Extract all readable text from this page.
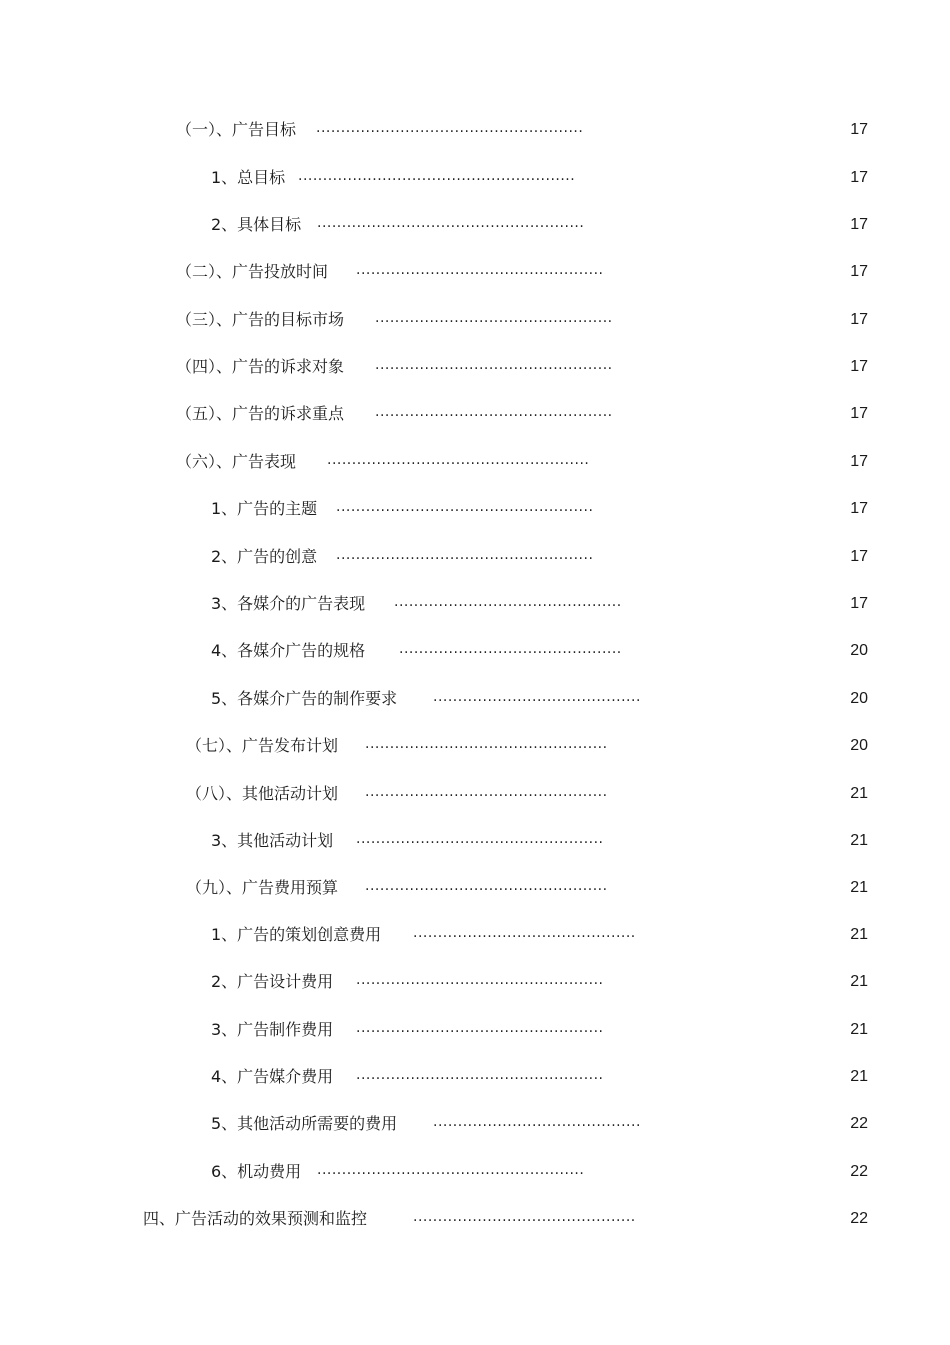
（一）、广告目标 ......................................................	17
1、总目标 ........................................................	17
2、具体目标 ......................................................	17
（二）、广告投放时间 ..................................................	17
（三）、广告的目标市场 ................................................	17
（四）、广告的诉求对象 ................................................	17
（五）、广告的诉求重点 ................................................	17
（六）、广告表现 .....................................................	17
1、广告的主题 ....................................................	17
2、广告的创意 ....................................................	17
3、各媒介的广告表现 ..............................................	17
4、各媒介广告的规格 .............................................	20
5、各媒介广告的制作要求	..........................................	20
（七）、广告发布计划 .................................................	20
（八）、其他活动计划 .................................................	21
3、其他活动计划 ..................................................	21
（九）、广告费用预算 .................................................	21
1、广告的策划创意费用 .............................................	21
2、广告设计费用 ..................................................	21
3、广告制作费用 ..................................................	21
4、广告媒介费用 ..................................................	21
5、其他活动所需要的费用	..........................................	22
6、机动费用 ......................................................	22
四、广告活动的效果预测和监控	.............................................	22
